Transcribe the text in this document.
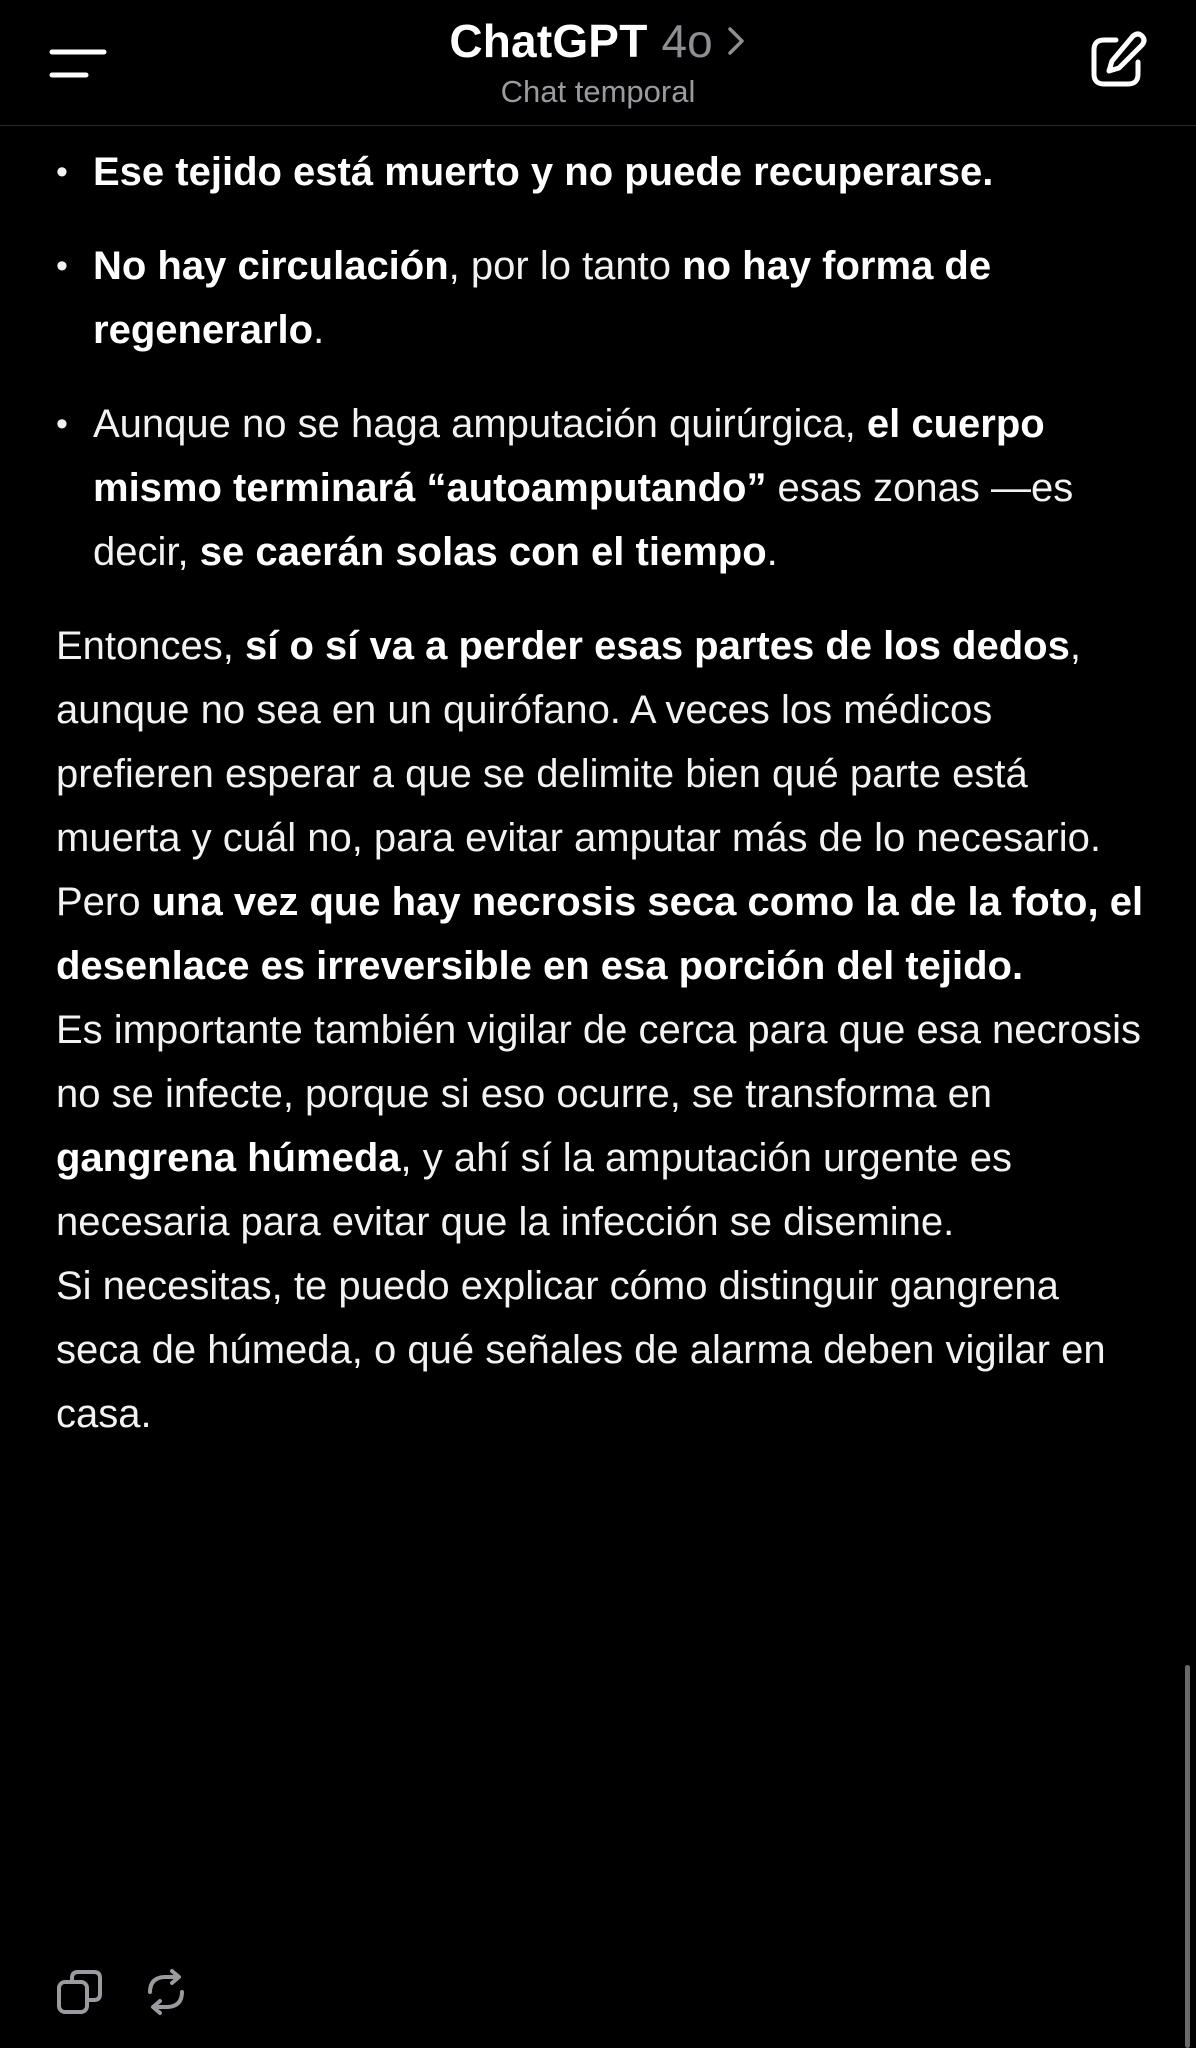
ChatGPT 4o
Chat temporal
• Ese tejido está muerto y no puede recuperarse.
• No hay circulación, por lo tanto no hay forma de regenerarlo.
• Aunque no se haga amputación quirúrgica, el cuerpo mismo terminará “autoamputando” esas zonas —es decir, se caerán solas con el tiempo.

Entonces, sí o sí va a perder esas partes de los dedos, aunque no sea en un quirófano. A veces los médicos prefieren esperar a que se delimite bien qué parte está muerta y cuál no, para evitar amputar más de lo necesario. Pero una vez que hay necrosis seca como la de la foto, el desenlace es irreversible en esa porción del tejido.

Es importante también vigilar de cerca para que esa necrosis no se infecte, porque si eso ocurre, se transforma en gangrena húmeda, y ahí sí la amputación urgente es necesaria para evitar que la infección se disemine.

Si necesitas, te puedo explicar cómo distinguir gangrena seca de húmeda, o qué señales de alarma deben vigilar en casa.
